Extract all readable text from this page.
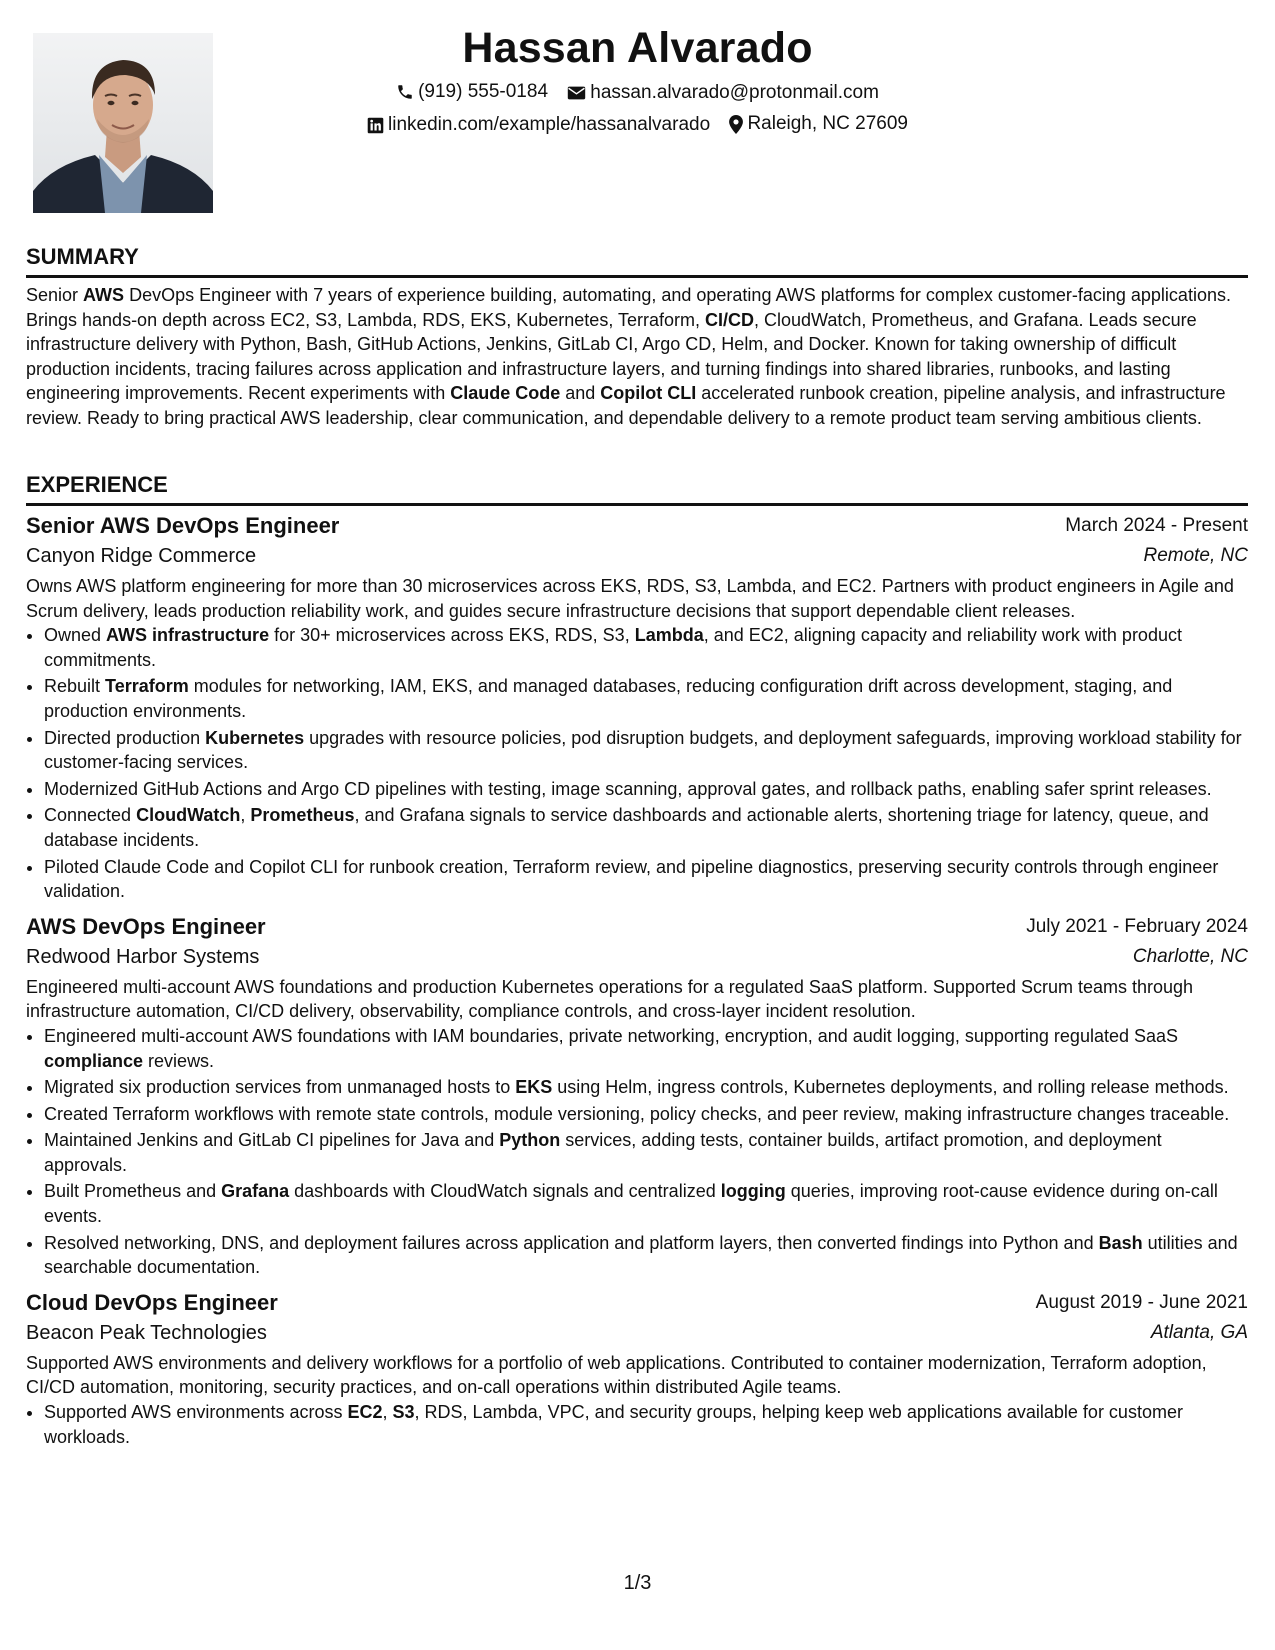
Hassan Alvarado
(919) 555-0184
hassan.alvarado@protonmail.com
linkedin.com/example/hassanalvarado
Raleigh, NC 27609
SUMMARY
Senior AWS DevOps Engineer with 7 years of experience building, automating, and operating AWS platforms for complex customer-facing applications. Brings hands-on depth across EC2, S3, Lambda, RDS, EKS, Kubernetes, Terraform, CI/CD, CloudWatch, Prometheus, and Grafana. Leads secure infrastructure delivery with Python, Bash, GitHub Actions, Jenkins, GitLab CI, Argo CD, Helm, and Docker. Known for taking ownership of difficult production incidents, tracing failures across application and infrastructure layers, and turning findings into shared libraries, runbooks, and lasting engineering improvements. Recent experiments with Claude Code and Copilot CLI accelerated runbook creation, pipeline analysis, and infrastructure review. Ready to bring practical AWS leadership, clear communication, and dependable delivery to a remote product team serving ambitious clients.
EXPERIENCE
Senior AWS DevOps Engineer	March 2024 - Present
Canyon Ridge Commerce	Remote, NC
Owns AWS platform engineering for more than 30 microservices across EKS, RDS, S3, Lambda, and EC2. Partners with product engineers in Agile and Scrum delivery, leads production reliability work, and guides secure infrastructure decisions that support dependable client releases.
• Owned AWS infrastructure for 30+ microservices across EKS, RDS, S3, Lambda, and EC2, aligning capacity and reliability work with product commitments.
• Rebuilt Terraform modules for networking, IAM, EKS, and managed databases, reducing configuration drift across development, staging, and production environments.
• Directed production Kubernetes upgrades with resource policies, pod disruption budgets, and deployment safeguards, improving workload stability for customer-facing services.
• Modernized GitHub Actions and Argo CD pipelines with testing, image scanning, approval gates, and rollback paths, enabling safer sprint releases.
• Connected CloudWatch, Prometheus, and Grafana signals to service dashboards and actionable alerts, shortening triage for latency, queue, and database incidents.
• Piloted Claude Code and Copilot CLI for runbook creation, Terraform review, and pipeline diagnostics, preserving security controls through engineer validation.
AWS DevOps Engineer	July 2021 - February 2024
Redwood Harbor Systems	Charlotte, NC
Engineered multi-account AWS foundations and production Kubernetes operations for a regulated SaaS platform. Supported Scrum teams through infrastructure automation, CI/CD delivery, observability, compliance controls, and cross-layer incident resolution.
• Engineered multi-account AWS foundations with IAM boundaries, private networking, encryption, and audit logging, supporting regulated SaaS compliance reviews.
• Migrated six production services from unmanaged hosts to EKS using Helm, ingress controls, Kubernetes deployments, and rolling release methods.
• Created Terraform workflows with remote state controls, module versioning, policy checks, and peer review, making infrastructure changes traceable.
• Maintained Jenkins and GitLab CI pipelines for Java and Python services, adding tests, container builds, artifact promotion, and deployment approvals.
• Built Prometheus and Grafana dashboards with CloudWatch signals and centralized logging queries, improving root-cause evidence during on-call events.
• Resolved networking, DNS, and deployment failures across application and platform layers, then converted findings into Python and Bash utilities and searchable documentation.
Cloud DevOps Engineer	August 2019 - June 2021
Beacon Peak Technologies	Atlanta, GA
Supported AWS environments and delivery workflows for a portfolio of web applications. Contributed to container modernization, Terraform adoption, CI/CD automation, monitoring, security practices, and on-call operations within distributed Agile teams.
• Supported AWS environments across EC2, S3, RDS, Lambda, VPC, and security groups, helping keep web applications available for customer workloads.
1/3
